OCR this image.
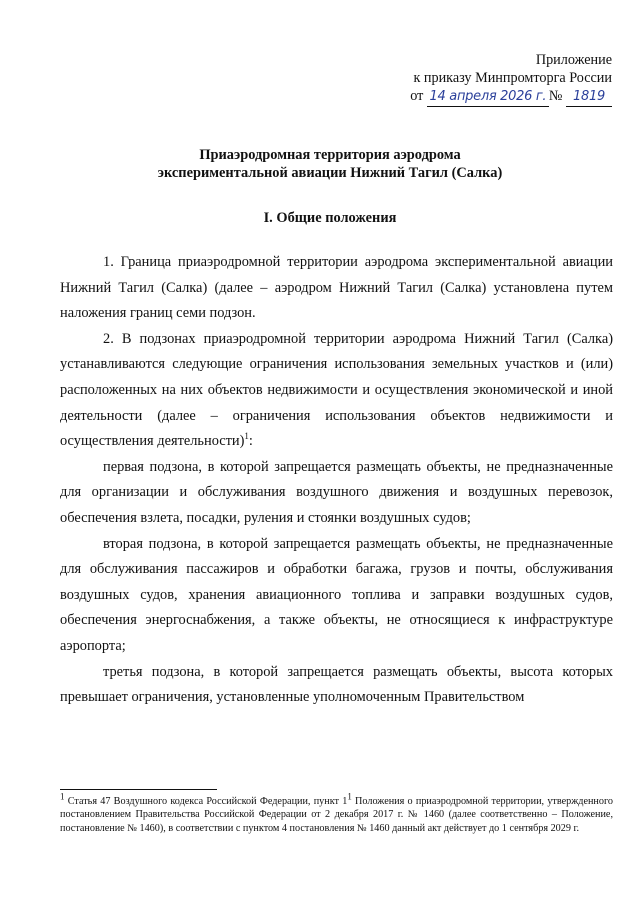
Приложение
к приказу Минпромторга России
от 14 апреля 2026 г. № 1819
Приаэродромная территория аэродрома
экспериментальной авиации Нижний Тагил (Салка)
I. Общие положения

1. Граница приаэродромной территории аэродрома экспериментальной авиации Нижний Тагил (Салка) (далее – аэродром Нижний Тагил (Салка) установлена путем наложения границ семи подзон.

2. В подзонах приаэродромной территории аэродрома Нижний Тагил (Салка) устанавливаются следующие ограничения использования земельных участков и (или) расположенных на них объектов недвижимости и осуществления экономической и иной деятельности (далее – ограничения использования объектов недвижимости и осуществления деятельности)$^1$:

первая подзона, в которой запрещается размещать объекты, не предназначенные для организации и обслуживания воздушного движения и воздушных перевозок, обеспечения взлета, посадки, руления и стоянки воздушных судов;

вторая подзона, в которой запрещается размещать объекты, не предназначенные для обслуживания пассажиров и обработки багажа, грузов и почты, обслуживания воздушных судов, хранения авиационного топлива и заправки воздушных судов, обеспечения энергоснабжения, а также объекты, не относящиеся к инфраструктуре аэропорта;

третья подзона, в которой запрещается размещать объекты, высота которых превышает ограничения, установленные уполномоченным Правительством

$^1$ Статья 47 Воздушного кодекса Российской Федерации, пункт $1^1$ Положения о приаэродромной территории, утвержденного постановлением Правительства Российской Федерации от 2 декабря 2017 г. № 1460 (далее соответственно – Положение, постановление № 1460), в соответствии с пунктом 4 постановления № 1460 данный акт действует до 1 сентября 2029 г.
